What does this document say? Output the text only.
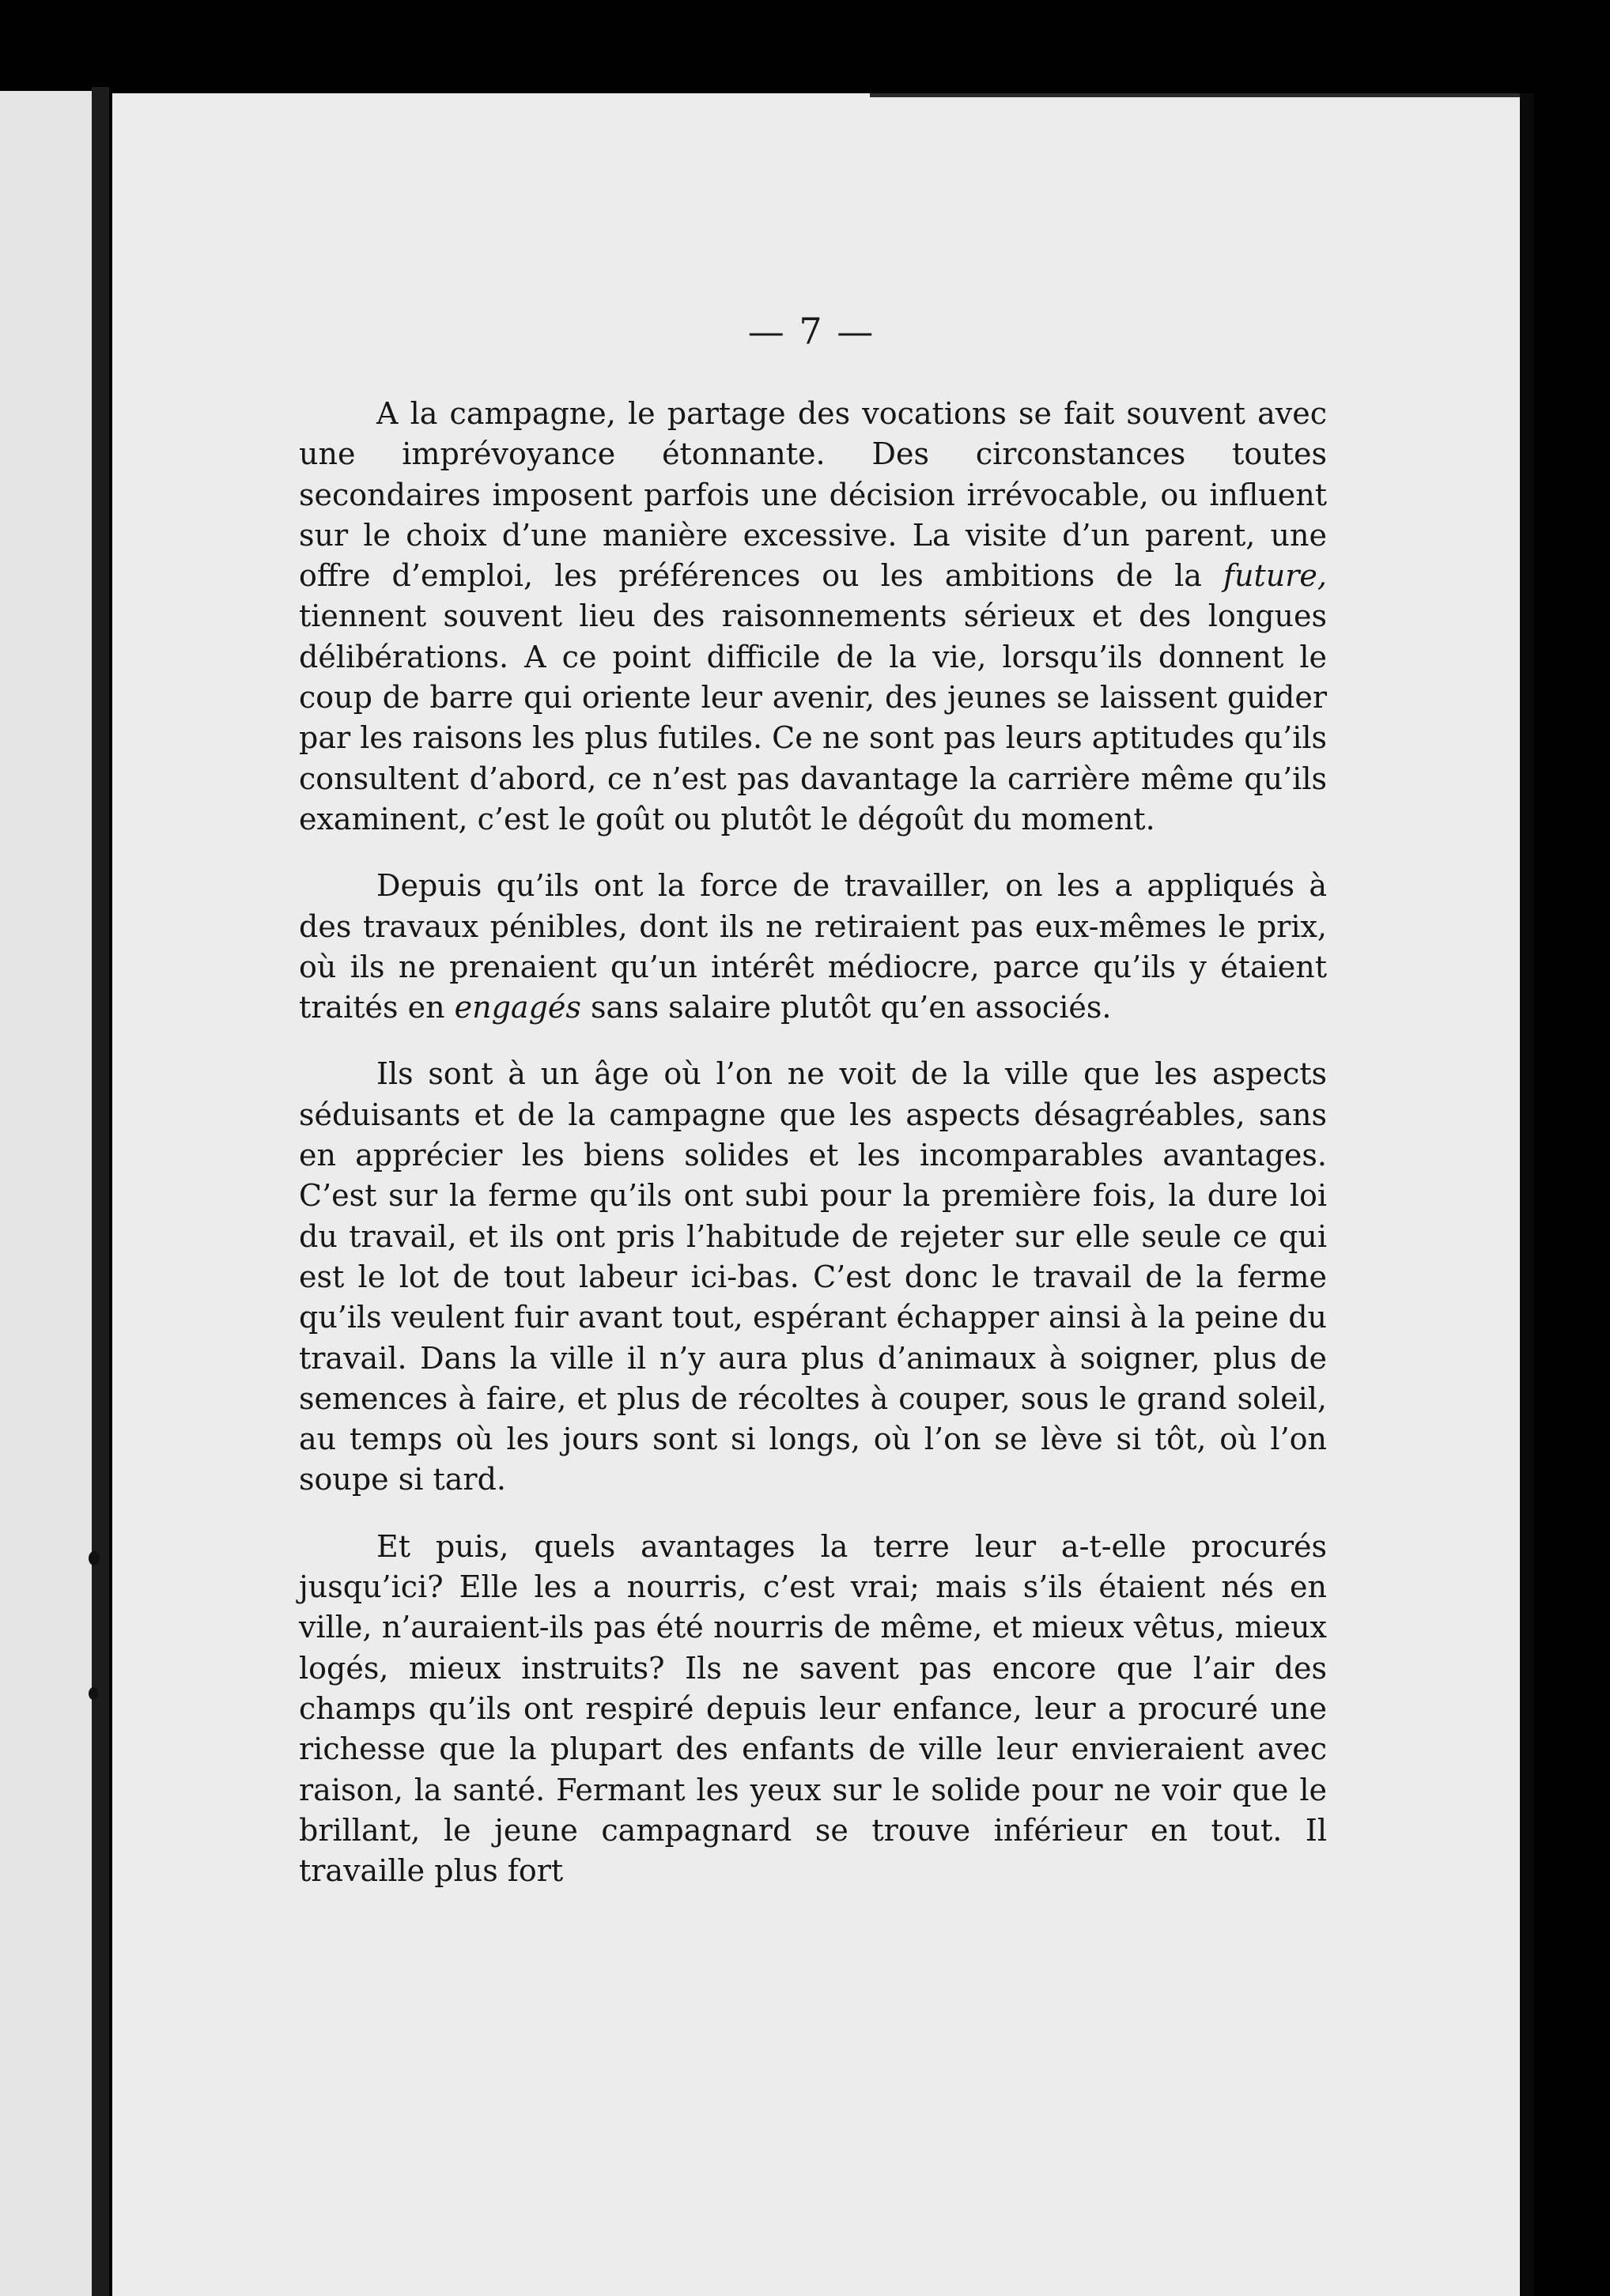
— 7 —

A la campagne, le partage des vocations se fait souvent avec une imprévoyance étonnante. Des circonstances toutes secondaires imposent parfois une décision irrévocable, ou influent sur le choix d’une manière excessive. La visite d’un parent, une offre d’emploi, les préférences ou les ambitions de la future, tiennent souvent lieu des raisonnements sérieux et des longues délibérations. A ce point difficile de la vie, lorsqu’ils donnent le coup de barre qui oriente leur avenir, des jeunes se laissent guider par les raisons les plus futiles. Ce ne sont pas leurs aptitudes qu’ils consultent d’abord, ce n’est pas davantage la carrière même qu’ils examinent, c’est le goût ou plutôt le dégoût du moment.

Depuis qu’ils ont la force de travailler, on les a appliqués à des travaux pénibles, dont ils ne retiraient pas eux-mêmes le prix, où ils ne prenaient qu’un intérêt médiocre, parce qu’ils y étaient traités en engagés sans salaire plutôt qu’en associés.

Ils sont à un âge où l’on ne voit de la ville que les aspects séduisants et de la campagne que les aspects désagréables, sans en apprécier les biens solides et les incomparables avantages. C’est sur la ferme qu’ils ont subi pour la première fois, la dure loi du travail, et ils ont pris l’habitude de rejeter sur elle seule ce qui est le lot de tout labeur ici-bas. C’est donc le travail de la ferme qu’ils veulent fuir avant tout, espérant échapper ainsi à la peine du travail. Dans la ville il n’y aura plus d’animaux à soigner, plus de semences à faire, et plus de récoltes à couper, sous le grand soleil, au temps où les jours sont si longs, où l’on se lève si tôt, où l’on soupe si tard.

Et puis, quels avantages la terre leur a-t-elle procurés jusqu’ici? Elle les a nourris, c’est vrai; mais s’ils étaient nés en ville, n’auraient-ils pas été nourris de même, et mieux vêtus, mieux logés, mieux instruits? Ils ne savent pas encore que l’air des champs qu’ils ont respiré depuis leur enfance, leur a procuré une richesse que la plupart des enfants de ville leur envieraient avec raison, la santé. Fermant les yeux sur le solide pour ne voir que le brillant, le jeune campagnard se trouve inférieur en tout. Il travaille plus fort
